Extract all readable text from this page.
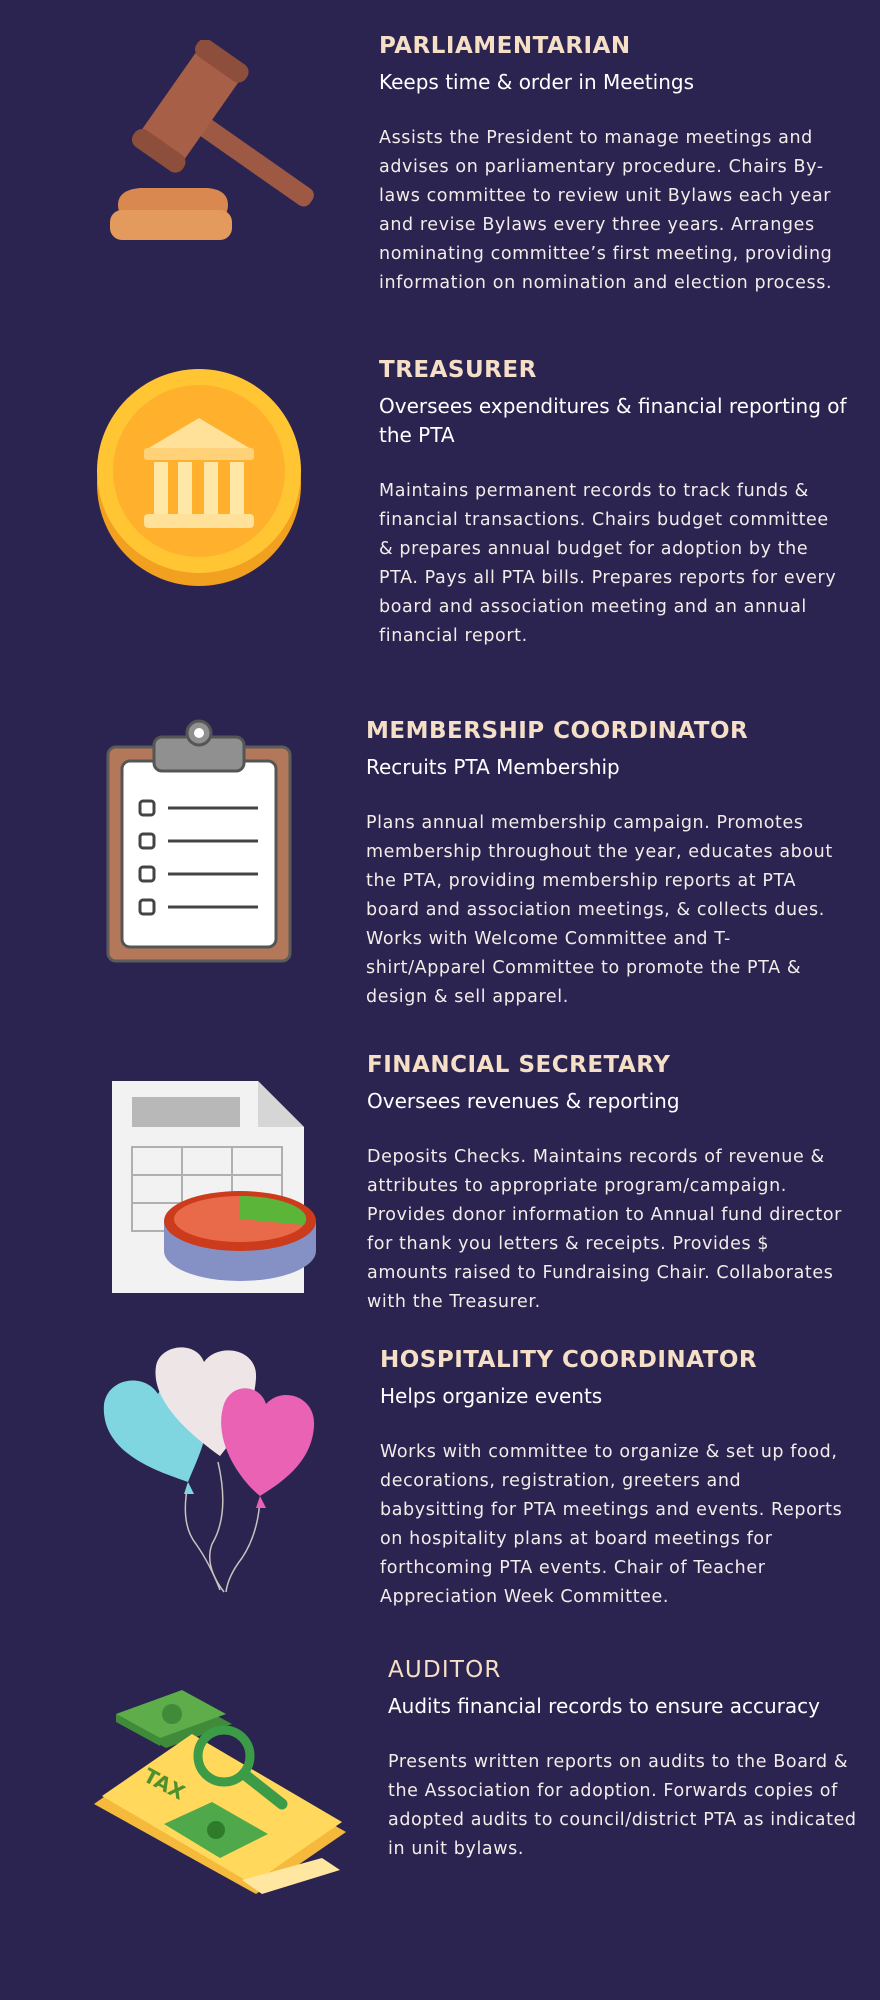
PARLIAMENTARIAN
Keeps time & order in Meetings
Assists the President to manage meetings and advises on parliamentary procedure. Chairs By-laws committee to review unit Bylaws each year and revise Bylaws every three years. Arranges nominating committee’s first meeting, providing information on nomination and election process.
TREASURER
Oversees expenditures & financial reporting of the PTA
Maintains permanent records to track funds & financial transactions. Chairs budget committee & prepares annual budget for adoption by the PTA. Pays all PTA bills. Prepares reports for every board and association meeting and an annual financial report.
MEMBERSHIP COORDINATOR
Recruits PTA Membership
Plans annual membership campaign. Promotes membership throughout the year, educates about the PTA, providing membership reports at PTA board and association meetings, & collects dues. Works with Welcome Committee and T-shirt/Apparel Committee to promote the PTA & design & sell apparel.
FINANCIAL SECRETARY
Oversees revenues & reporting
Deposits Checks. Maintains records of revenue & attributes to appropriate program/campaign. Provides donor information to Annual fund director for thank you letters & receipts. Provides $ amounts raised to Fundraising Chair. Collaborates with the Treasurer.
HOSPITALITY COORDINATOR
Helps organize events
Works with committee to organize & set up food, decorations, registration, greeters and babysitting for PTA meetings and events. Reports on hospitality plans at board meetings for forthcoming PTA events. Chair of Teacher Appreciation Week Committee.
TAX
AUDITOR
Audits financial records to ensure accuracy
Presents written reports on audits to the Board & the Association for adoption. Forwards copies of adopted audits to council/district PTA as indicated in unit bylaws.
